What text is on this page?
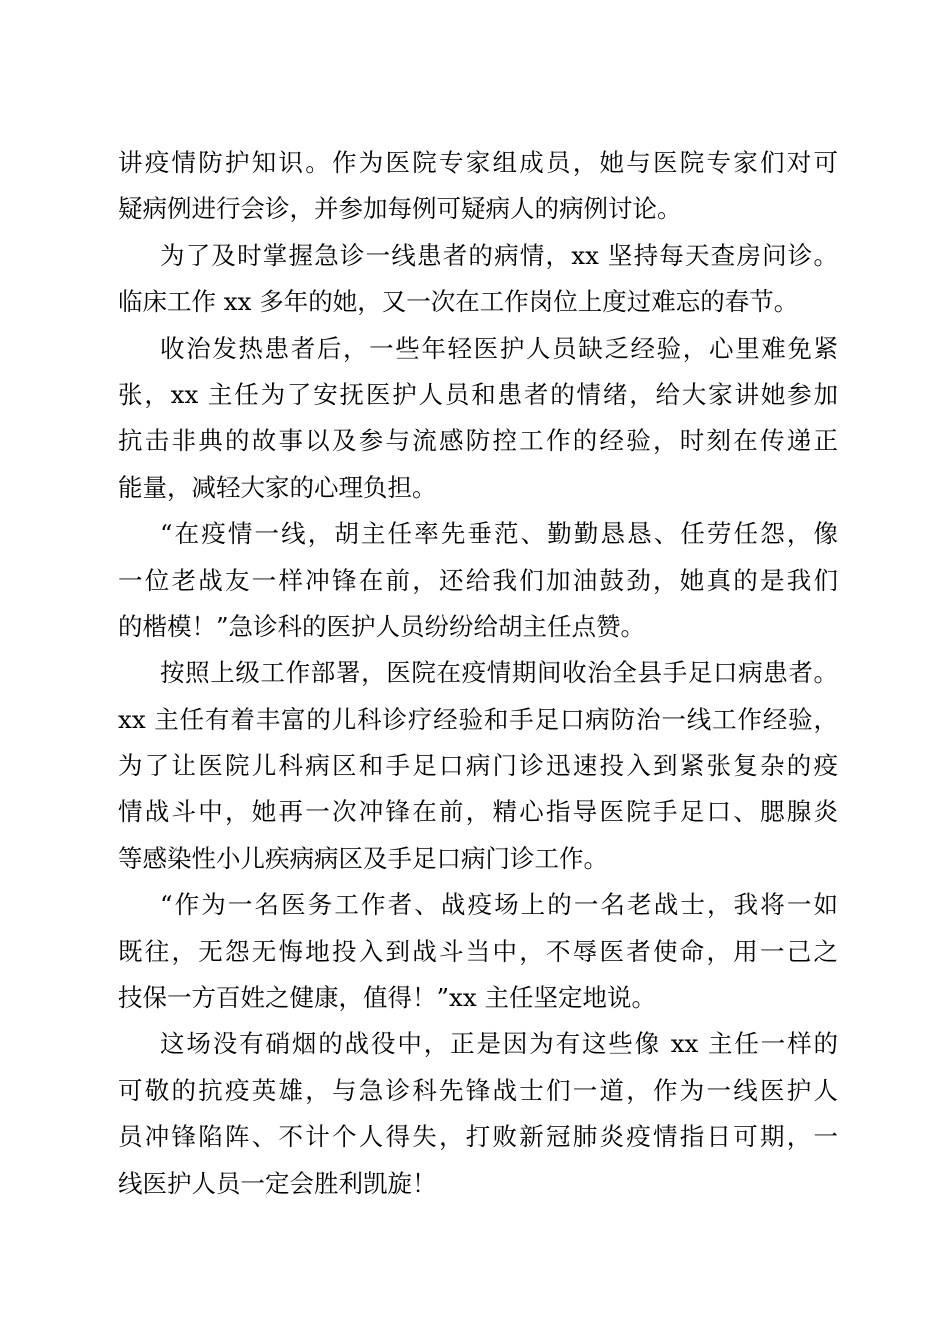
讲疫情防护知识。作为医院专家组成员，她与医院专家们对可
疑病例进行会诊，并参加每例可疑病人的病例讨论。
为了及时掌握急诊一线患者的病情，xx 坚持每天查房问诊。
临床工作 xx 多年的她，又一次在工作岗位上度过难忘的春节。
收治发热患者后，一些年轻医护人员缺乏经验，心里难免紧
张，xx 主任为了安抚医护人员和患者的情绪，给大家讲她参加
抗击非典的故事以及参与流感防控工作的经验，时刻在传递正
能量，减轻大家的心理负担。
“在疫情一线，胡主任率先垂范、勤勤恳恳、任劳任怨，像
一位老战友一样冲锋在前，还给我们加油鼓劲，她真的是我们
的楷模！”急诊科的医护人员纷纷给胡主任点赞。
按照上级工作部署，医院在疫情期间收治全县手足口病患者。
xx 主任有着丰富的儿科诊疗经验和手足口病防治一线工作经验，
为了让医院儿科病区和手足口病门诊迅速投入到紧张复杂的疫
情战斗中，她再一次冲锋在前，精心指导医院手足口、腮腺炎
等感染性小儿疾病病区及手足口病门诊工作。
“作为一名医务工作者、战疫场上的一名老战士，我将一如
既往，无怨无悔地投入到战斗当中，不辱医者使命，用一己之
技保一方百姓之健康，值得！”xx 主任坚定地说。
这场没有硝烟的战役中，正是因为有这些像 xx 主任一样的
可敬的抗疫英雄，与急诊科先锋战士们一道，作为一线医护人
员冲锋陷阵、不计个人得失，打败新冠肺炎疫情指日可期，一
线医护人员一定会胜利凯旋！
